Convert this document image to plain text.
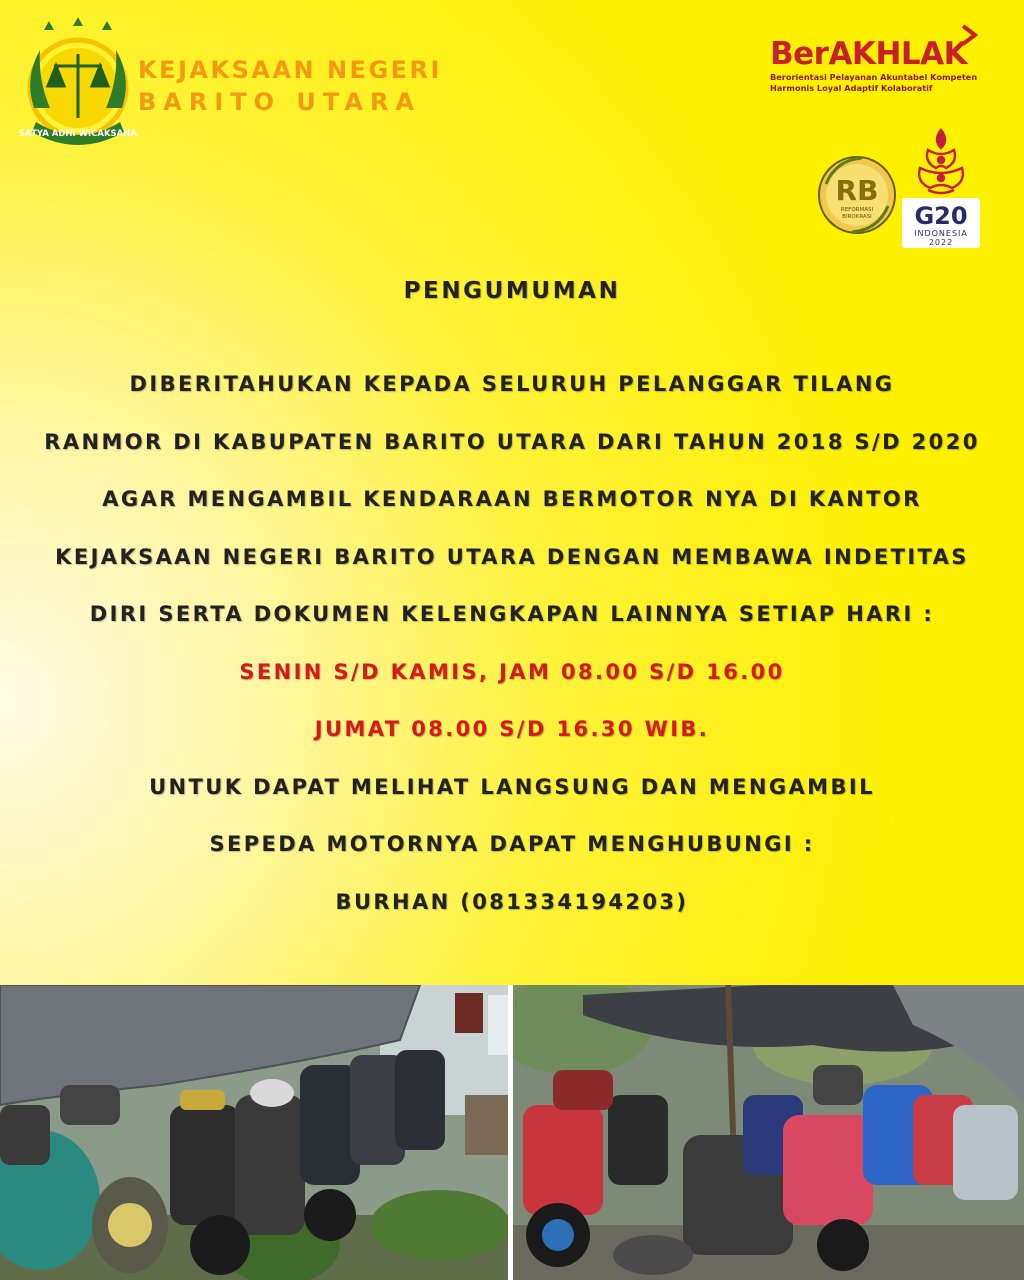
SATYA ADHI WICAKSANA
KEJAKSAAN NEGERI
BARITO UTARA
BerAKHLAK
Berorientasi Pelayanan Akuntabel Kompeten
Harmonis Loyal Adaptif Kolaboratif
RB
REFORMASI
BIROKRASI G20
INDONESIA
2022
PENGUMUMAN
DIBERITAHUKAN KEPADA SELURUH PELANGGAR TILANG
RANMOR DI KABUPATEN BARITO UTARA DARI TAHUN 2018 S/D 2020
AGAR MENGAMBIL KENDARAAN BERMOTOR NYA DI KANTOR
KEJAKSAAN NEGERI BARITO UTARA DENGAN MEMBAWA INDETITAS
DIRI SERTA DOKUMEN KELENGKAPAN LAINNYA SETIAP HARI :
SENIN S/D KAMIS, JAM 08.00 S/D 16.00
JUMAT 08.00 S/D 16.30 WIB.
UNTUK DAPAT MELIHAT LANGSUNG DAN MENGAMBIL
SEPEDA MOTORNYA DAPAT MENGHUBUNGI :
BURHAN (081334194203)
